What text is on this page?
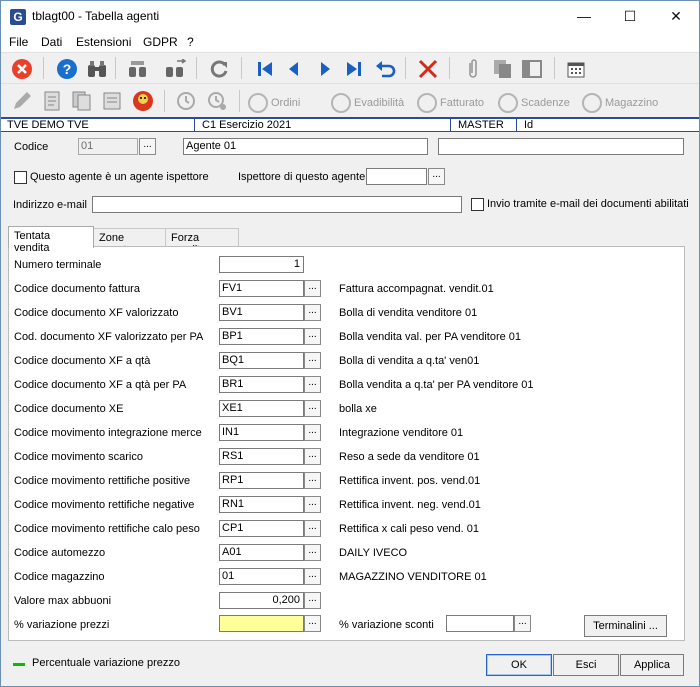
G tblagt00 - Tabella agenti	—	☐	✕
File Dati Estensioni GDPR ?
?
Ordini	Evadibilità	Fatturato	Scadenze	Magazzino
TVE DEMO TVE	C1 Esercizio 2021	MASTER	Id
Codice	01	...	Agente 01
Questo agente è un agente ispettore	Ispettore di questo agente	...
Indirizzo e-mail	Invio tramite e-mail dei documenti abilitati
Tentata vendita
Zone	Forza
Numero terminale	1
Codice documento fattura	FV1	...	Fattura accompagnat. vendit.01
Codice documento XF valorizzato	BV1	...	Bolla di vendita venditore 01
Cod. documento XF valorizzato per PA BP1	...	Bolla vendita val. per PA venditore 01
Codice documento XF a qtà	BQ1	...	Bolla di vendita a q.ta' ven01
Codice documento XF a qtà per PA	BR1	...	Bolla vendita a q.ta' per PA venditore 01
Codice documento XE	XE1	...	bolla xe
Codice movimento integrazione merce IN1	...	Integrazione venditore 01
Codice movimento scarico	RS1	...	Reso a sede da venditore 01
Codice movimento rettifiche positive	RP1	...	Rettifica invent. pos. vend.01
Codice movimento rettifiche negative	RN1	...	Rettifica invent. neg. vend.01
Codice movimento rettifiche calo peso CP1	...	Rettifica x cali peso vend. 01
Codice automezzo	A01	...	DAILY IVECO
Codice magazzino	01	...	MAGAZZINO VENDITORE 01
Valore max abbuoni	0,200 ...
% variazione prezzi	...	% variazione sconti	...	Terminalini ...
Percentuale variazione prezzo	OK	Esci	Applica
